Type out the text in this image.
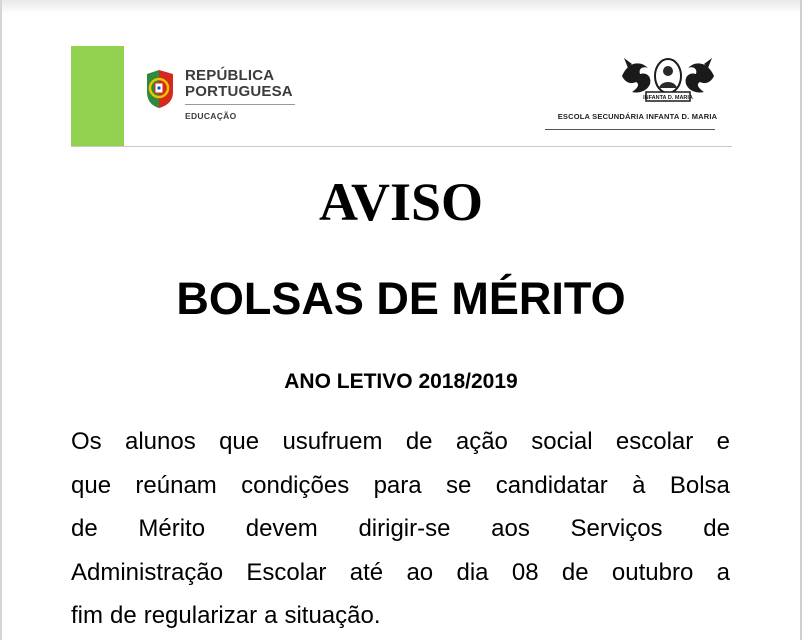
REPÚBLICA
PORTUGUESA
EDUCAÇÃO
INFANTA D. MARIA
ESCOLA SECUNDÁRIA INFANTA D. MARIA
AVISO
BOLSAS DE MÉRITO
ANO LETIVO 2018/2019
Os alunos que usufruem de ação social escolar e
que reúnam condições para se candidatar à Bolsa
de Mérito devem dirigir-se aos Serviços de
Administração Escolar até ao dia 08 de outubro a
fim de regularizar a situação.
